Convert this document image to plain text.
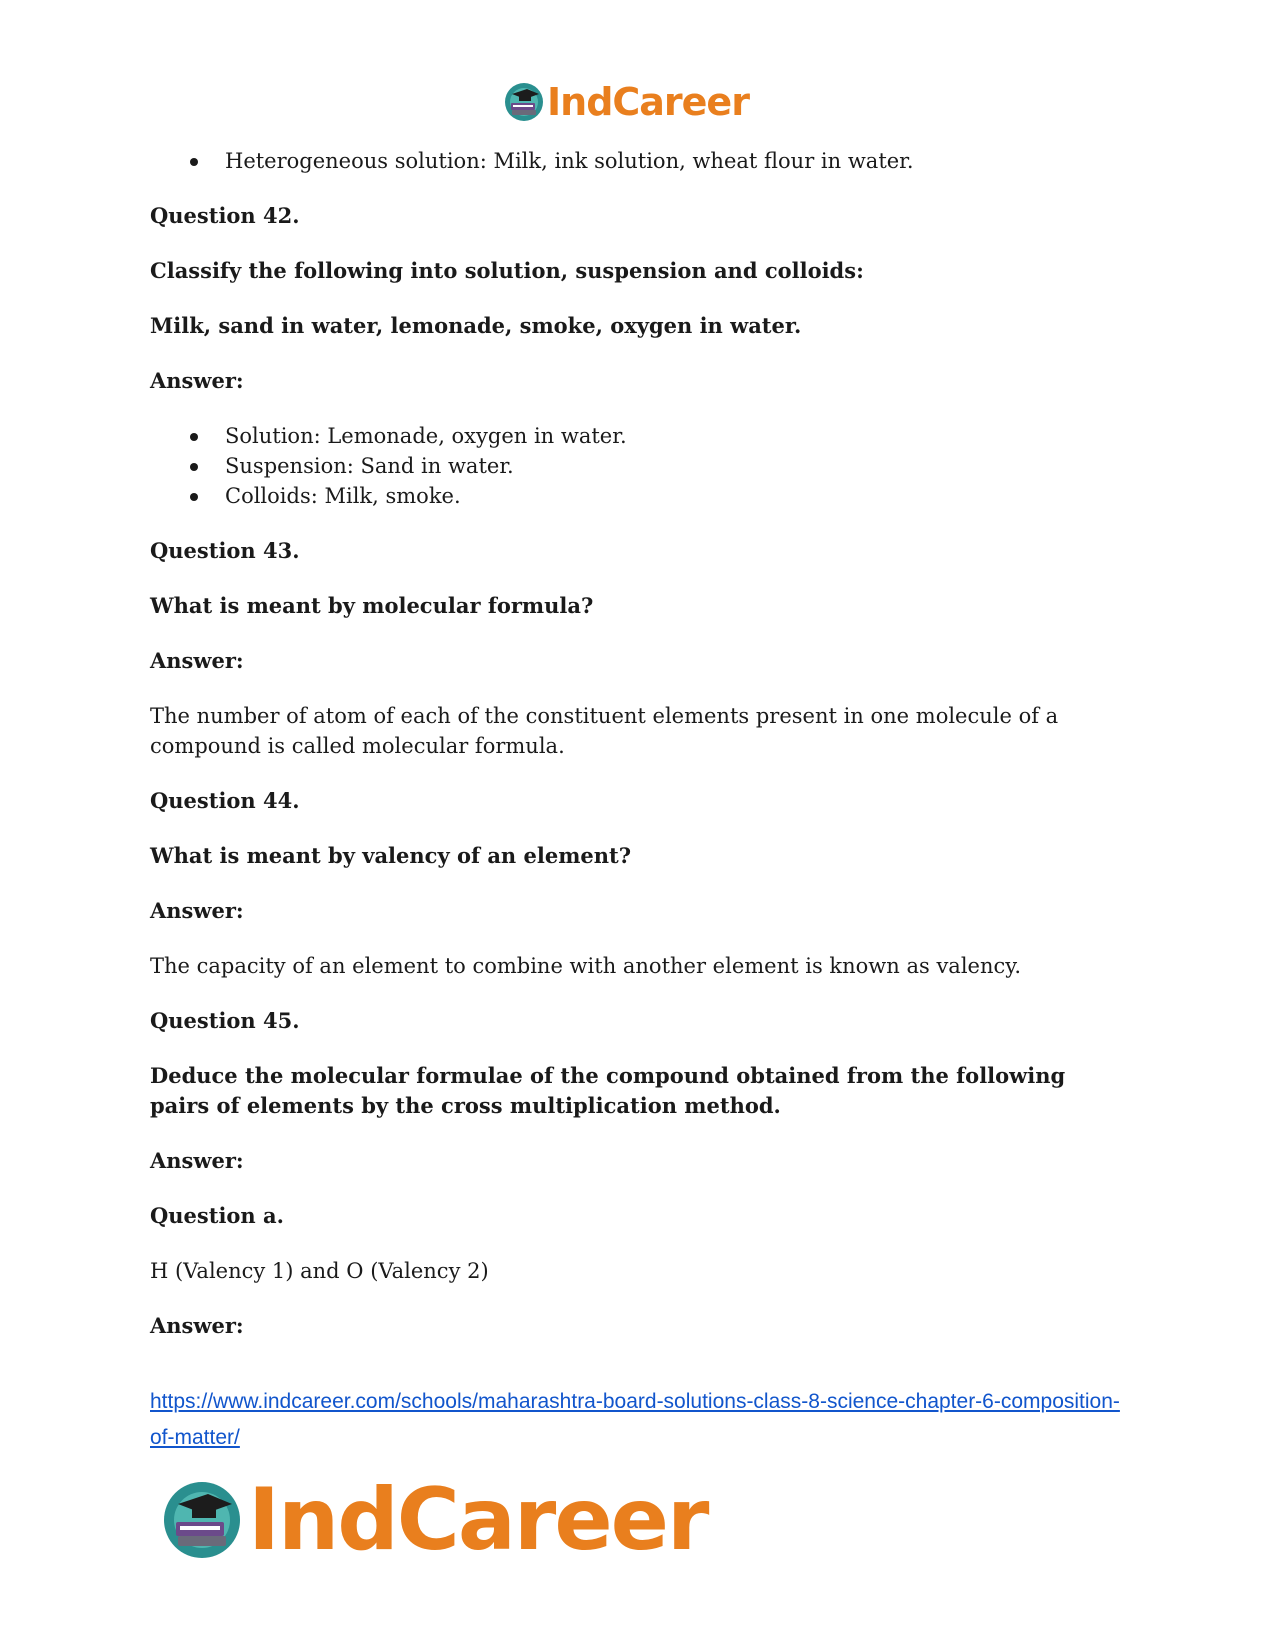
IndCareer
Heterogeneous solution: Milk, ink solution, wheat flour in water.

Question 42.

Classify the following into solution, suspension and colloids:

Milk, sand in water, lemonade, smoke, oxygen in water.

Answer:

Solution: Lemonade, oxygen in water.
Suspension: Sand in water.
Colloids: Milk, smoke.

Question 43.

What is meant by molecular formula?

Answer:

The number of atom of each of the constituent elements present in one molecule of a compound is called molecular formula.

Question 44.

What is meant by valency of an element?

Answer:

The capacity of an element to combine with another element is known as valency.

Question 45.

Deduce the molecular formulae of the compound obtained from the following pairs of elements by the cross multiplication method.

Answer:

Question a.

H (Valency 1) and O (Valency 2)

Answer:

https://www.indcareer.com/schools/maharashtra-board-solutions-class-8-science-chapter-6-composition-of-matter/
IndCareer
